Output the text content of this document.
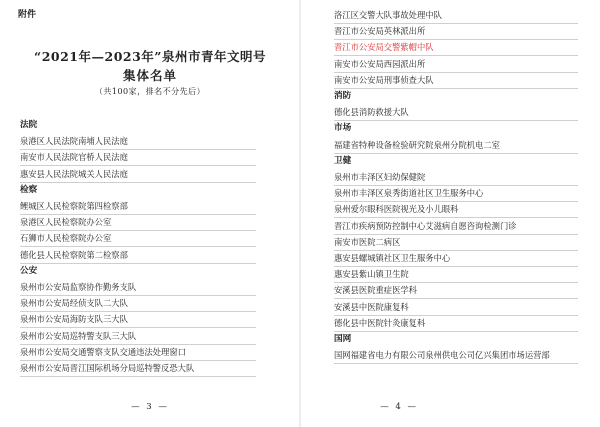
附件
“2021年—2023年”泉州市青年文明号
集体名单
（共100家，排名不分先后）
法院
泉港区人民法院南埔人民法庭
南安市人民法院官桥人民法庭
惠安县人民法院城关人民法庭
检察
鲤城区人民检察院第四检察部
泉港区人民检察院办公室
石狮市人民检察院办公室
德化县人民检察院第二检察部
公安
泉州市公安局监察协作勤务支队
泉州市公安局经侦支队二大队
泉州市公安局海防支队三大队
泉州市公安局巡特警支队三大队
泉州市公安局交通警察支队交通违法处理窗口
泉州市公安局晋江国际机场分局巡特警反恐大队
— 3 —
洛江区交警大队事故处理中队
晋江市公安局英林派出所
晋江市公安局交警紫帽中队
南安市公安局西园派出所
南安市公安局刑事侦查大队
消防
德化县消防救援大队
市场
福建省特种设备检验研究院泉州分院机电二室
卫健
泉州市丰泽区妇幼保健院
泉州市丰泽区泉秀街道社区卫生服务中心
泉州爱尔眼科医院视光及小儿眼科
晋江市疾病预防控制中心艾滋病自愿咨询检测门诊
南安市医院二病区
惠安县螺城镇社区卫生服务中心
惠安县紫山镇卫生院
安溪县医院重症医学科
安溪县中医院康复科
德化县中医院针灸康复科
国网
国网福建省电力有限公司泉州供电公司亿兴集团市场运营部
— 4 —
